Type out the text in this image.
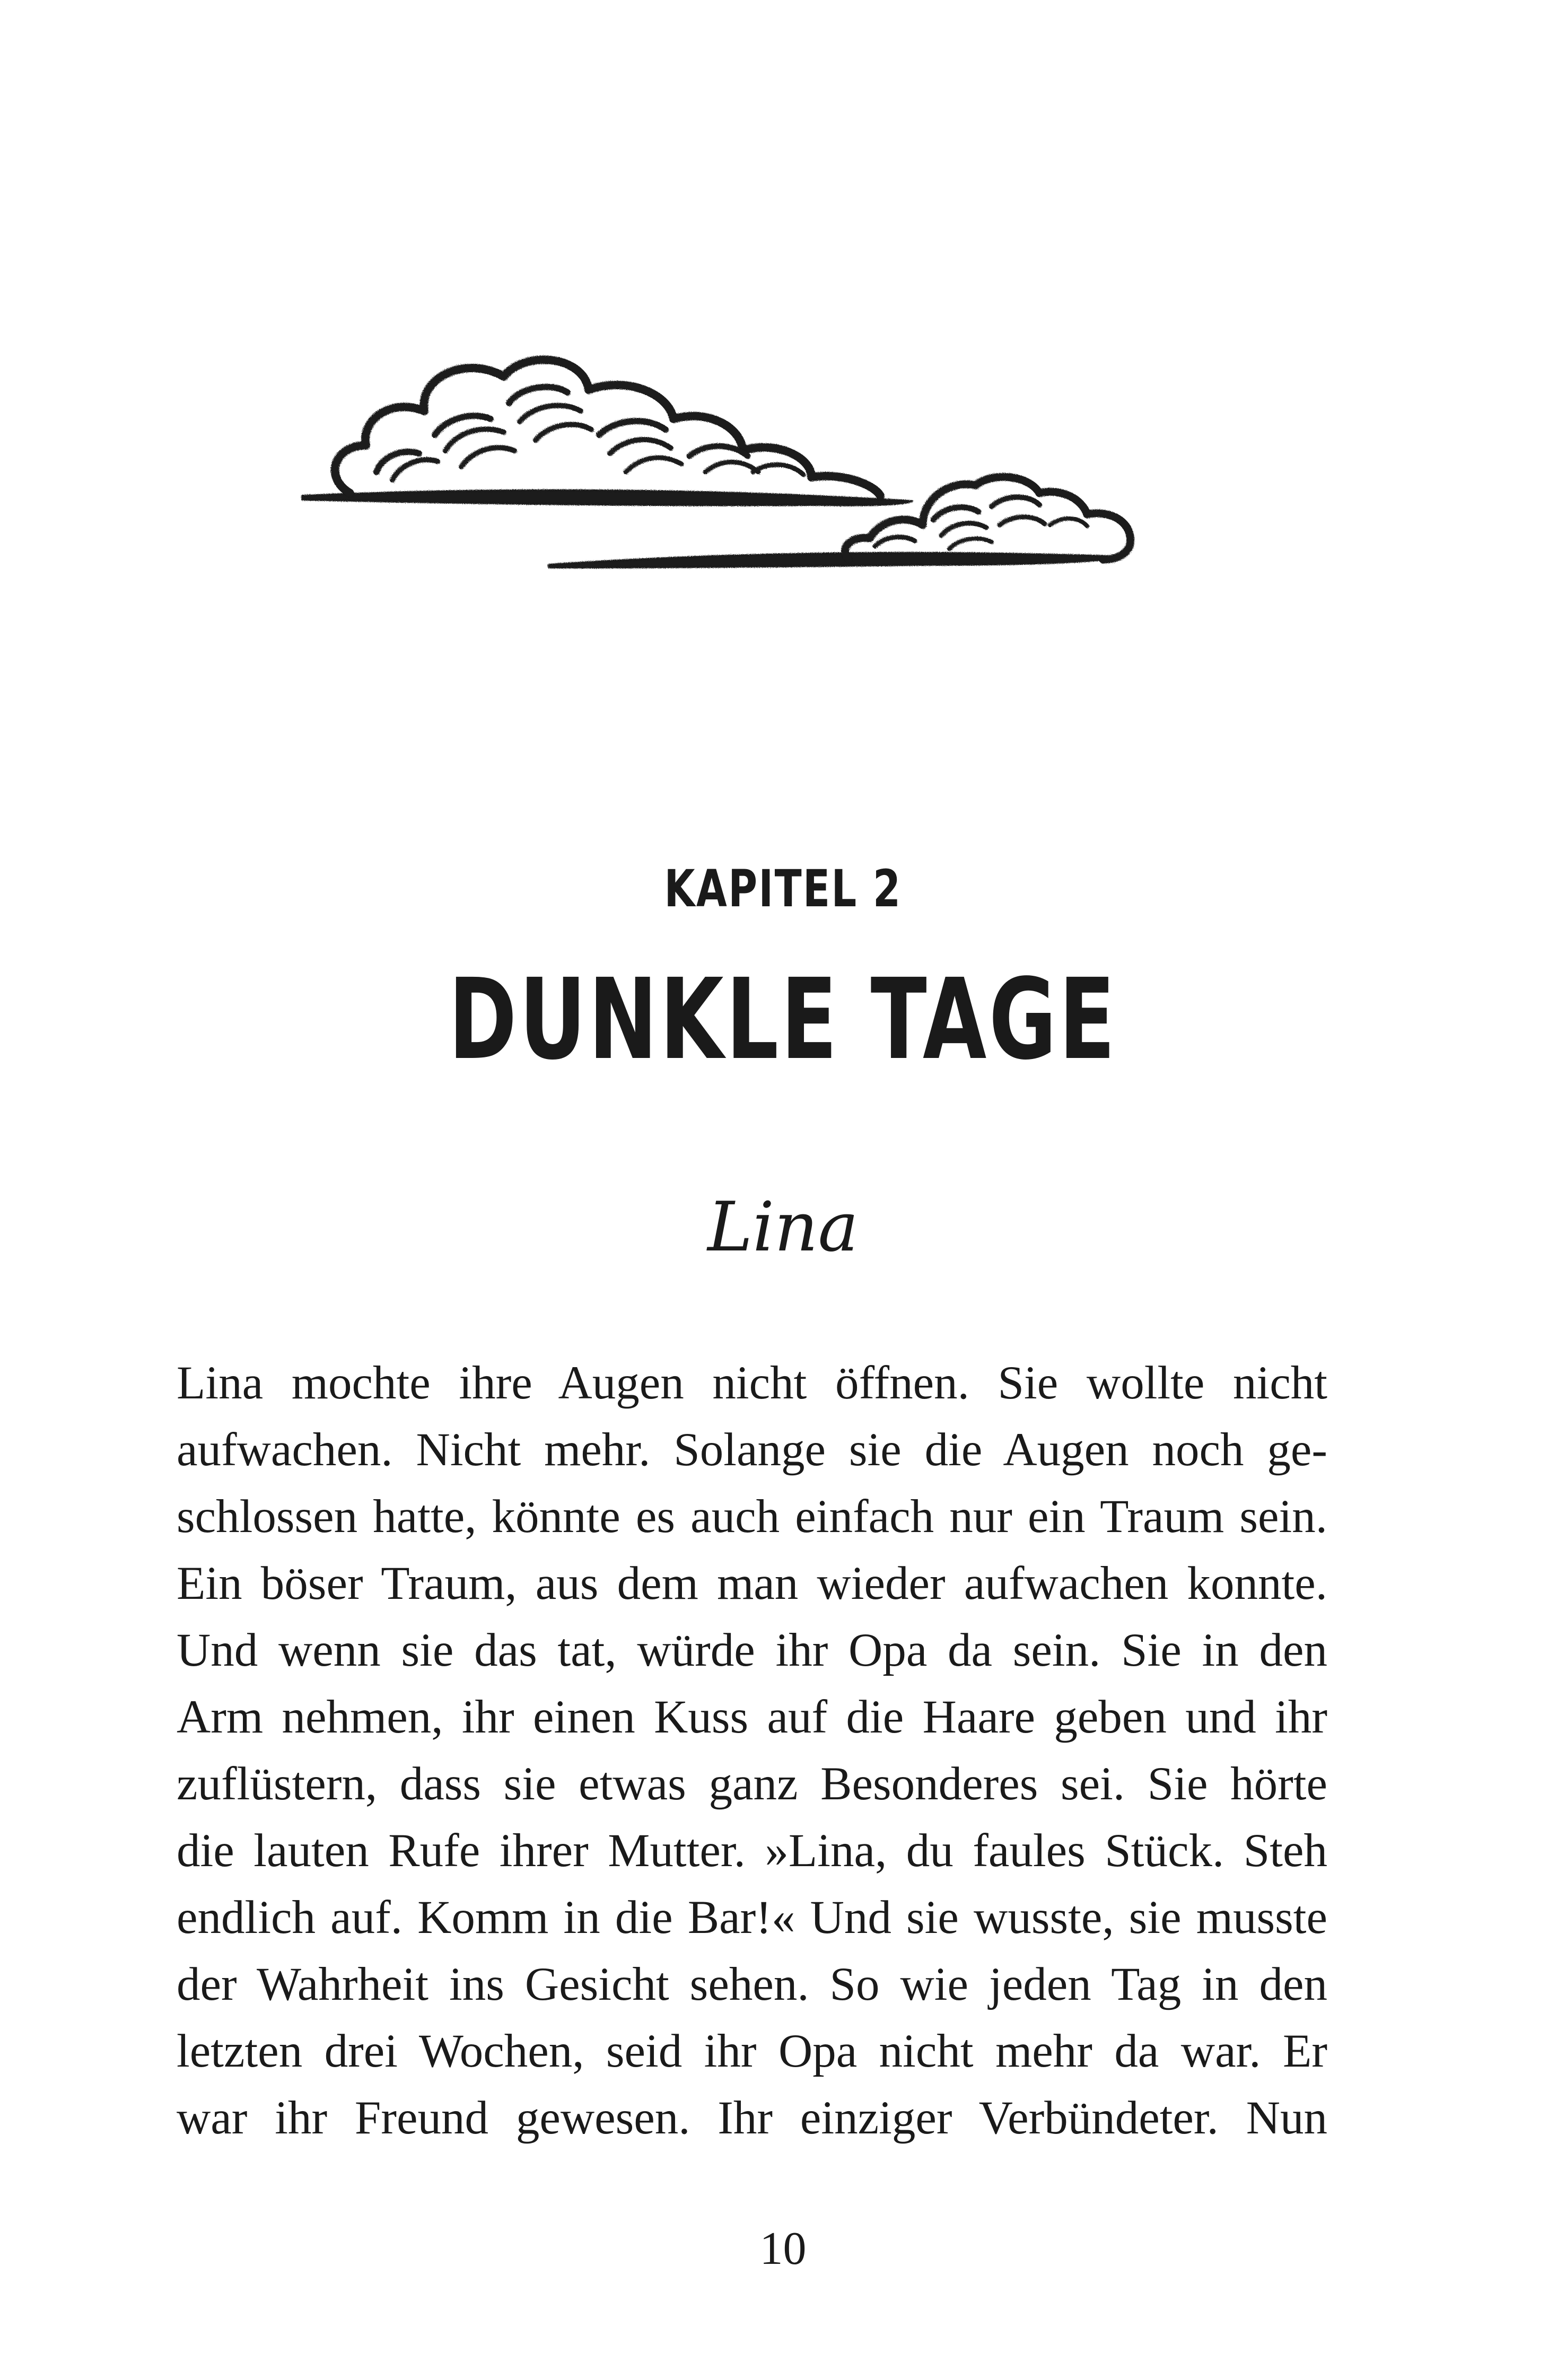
KAPITEL 2
DUNKLE TAGE
Lina
Lina mochte ihre Augen nicht öffnen. Sie wollte nicht
aufwachen. Nicht mehr. Solange sie die Augen noch ge-
schlossen hatte, könnte es auch einfach nur ein Traum sein.
Ein böser Traum, aus dem man wieder aufwachen konnte.
Und wenn sie das tat, würde ihr Opa da sein. Sie in den
Arm nehmen, ihr einen Kuss auf die Haare geben und ihr
zuflüstern, dass sie etwas ganz Besonderes sei. Sie hörte
die lauten Rufe ihrer Mutter. »Lina, du faules Stück. Steh
endlich auf. Komm in die Bar!« Und sie wusste, sie musste
der Wahrheit ins Gesicht sehen. So wie jeden Tag in den
letzten drei Wochen, seid ihr Opa nicht mehr da war. Er
war ihr Freund gewesen. Ihr einziger Verbündeter. Nun
10
